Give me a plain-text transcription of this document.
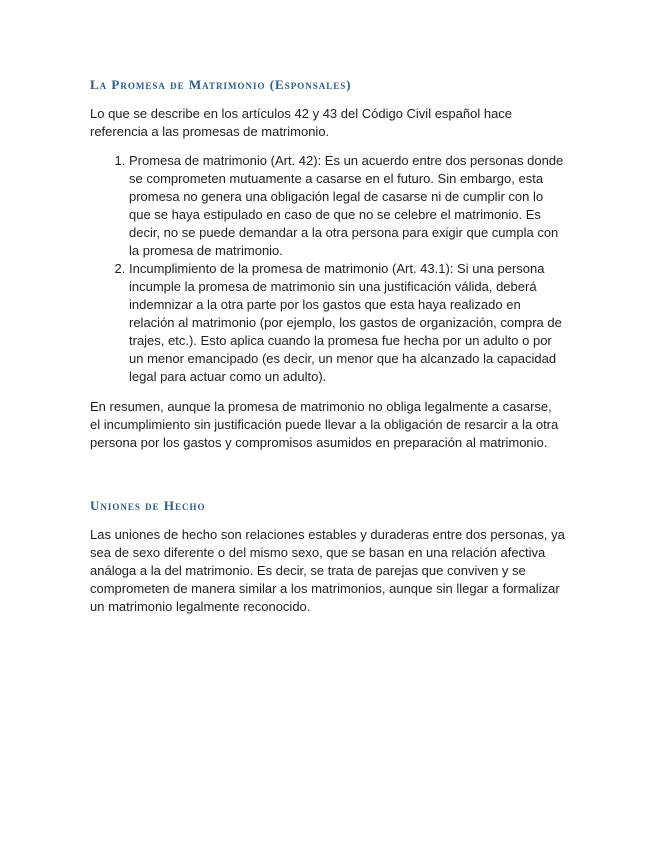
La Promesa de Matrimonio (Esponsales)

Lo que se describe en los artículos 42 y 43 del Código Civil español hace referencia a las promesas de matrimonio.

1. Promesa de matrimonio (Art. 42): Es un acuerdo entre dos personas donde se comprometen mutuamente a casarse en el futuro. Sin embargo, esta promesa no genera una obligación legal de casarse ni de cumplir con lo que se haya estipulado en caso de que no se celebre el matrimonio. Es decir, no se puede demandar a la otra persona para exigir que cumpla con la promesa de matrimonio.
2. Incumplimiento de la promesa de matrimonio (Art. 43.1): Si una persona incumple la promesa de matrimonio sin una justificación válida, deberá indemnizar a la otra parte por los gastos que esta haya realizado en relación al matrimonio (por ejemplo, los gastos de organización, compra de trajes, etc.). Esto aplica cuando la promesa fue hecha por un adulto o por un menor emancipado (es decir, un menor que ha alcanzado la capacidad legal para actuar como un adulto).

En resumen, aunque la promesa de matrimonio no obliga legalmente a casarse, el incumplimiento sin justificación puede llevar a la obligación de resarcir a la otra persona por los gastos y compromisos asumidos en preparación al matrimonio.

Uniones de Hecho

Las uniones de hecho son relaciones estables y duraderas entre dos personas, ya sea de sexo diferente o del mismo sexo, que se basan en una relación afectiva análoga a la del matrimonio. Es decir, se trata de parejas que conviven y se comprometen de manera similar a los matrimonios, aunque sin llegar a formalizar un matrimonio legalmente reconocido.
